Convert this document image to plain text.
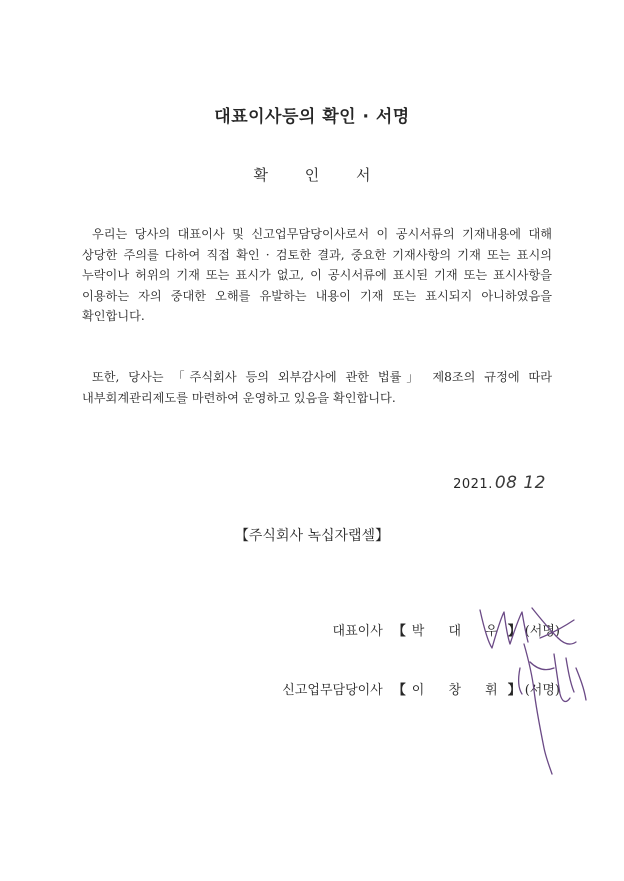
대표이사등의 확인 · 서명
확 인 서

우리는 당사의 대표이사 및 신고업무담당이사로서 이 공시서류의 기재내용에 대해 상당한 주의를 다하여 직접 확인 · 검토한 결과, 중요한 기재사항의 기재 또는 표시의 누락이나 허위의 기재 또는 표시가 없고, 이 공시서류에 표시된 기재 또는 표시사항을 이용하는 자의 중대한 오해를 유발하는 내용이 기재 또는 표시되지 아니하였음을 확인합니다.

또한, 당사는 「주식회사 등의 외부감사에 관한 법률」 제8조의 규정에 따라 내부회계관리제도를 마련하여 운영하고 있음을 확인합니다.

2021. 08 12
【주식회사 녹십자랩셀】
대표이사 【 박 대 우】 (서명)
신고업무담당이사 【 이 창 휘】 (서명)
